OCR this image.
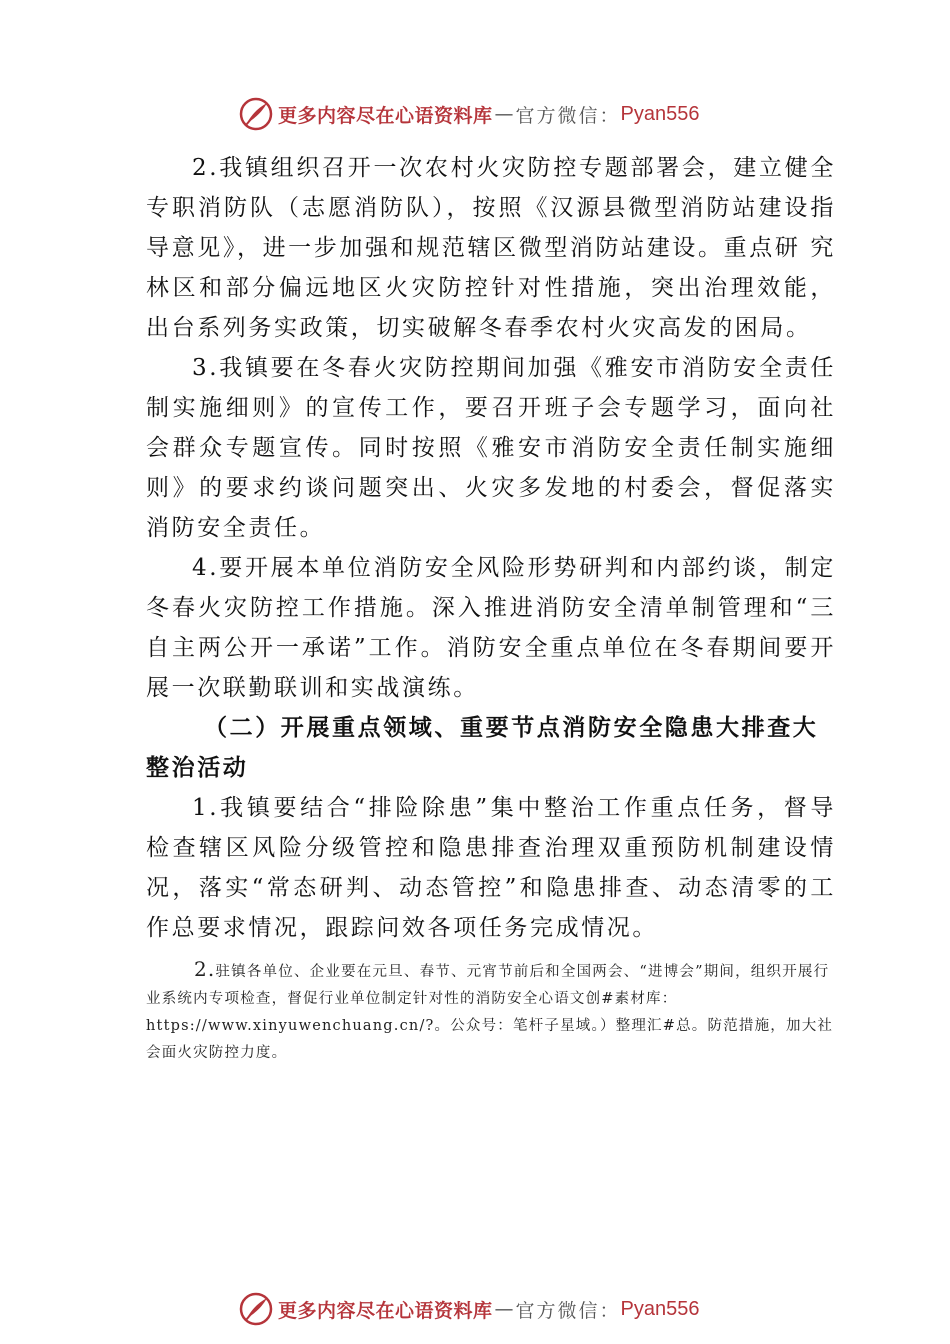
更多内容尽在心语资料库 — 官方微信： Pyan556

2.我镇组织召开一次农村火灾防控专题部署会，建立健全专职消防队（志愿消防队），按照《汉源县微型消防站建设指导意见》，进一步加强和规范辖区微型消防站建设。重点研 究林区和部分偏远地区火灾防控针对性措施，突出治理效能， 出台系列务实政策，切实破解冬春季农村火灾高发的困局。

3.我镇要在冬春火灾防控期间加强《雅安市消防安全责任制实施细则》的宣传工作，要召开班子会专题学习，面向社会群众专题宣传。同时按照《雅安市消防安全责任制实施细则》的要求约谈问题突出、火灾多发地的村委会，督促落实消防安全责任。

4.要开展本单位消防安全风险形势研判和内部约谈，制定冬春火灾防控工作措施。深入推进消防安全清单制管理和“三自主两公开一承诺”工作。消防安全重点单位在冬春期间要开展一次联勤联训和实战演练。

（二）开展重点领域、重要节点消防安全隐患大排查大整治活动

1.我镇要结合“排险除患”集中整治工作重点任务，督导检查辖区风险分级管控和隐患排查治理双重预防机制建设情况，落实“常态研判、动态管控”和隐患排查、动态清零的工作总要求情况，跟踪问效各项任务完成情况。

2.驻镇各单位、企业要在元旦、春节、元宵节前后和全国两会、“进博会”期间，组织开展行业系统内专项检查，督促行业单位制定针对性的消防安全心语文创#素材库：https://www.xinyuwenchuang.cn/?。公众号：笔杆子星域。）整理汇#总。防范措施，加大社会面火灾防控力度。

更多内容尽在心语资料库 — 官方微信： Pyan556
